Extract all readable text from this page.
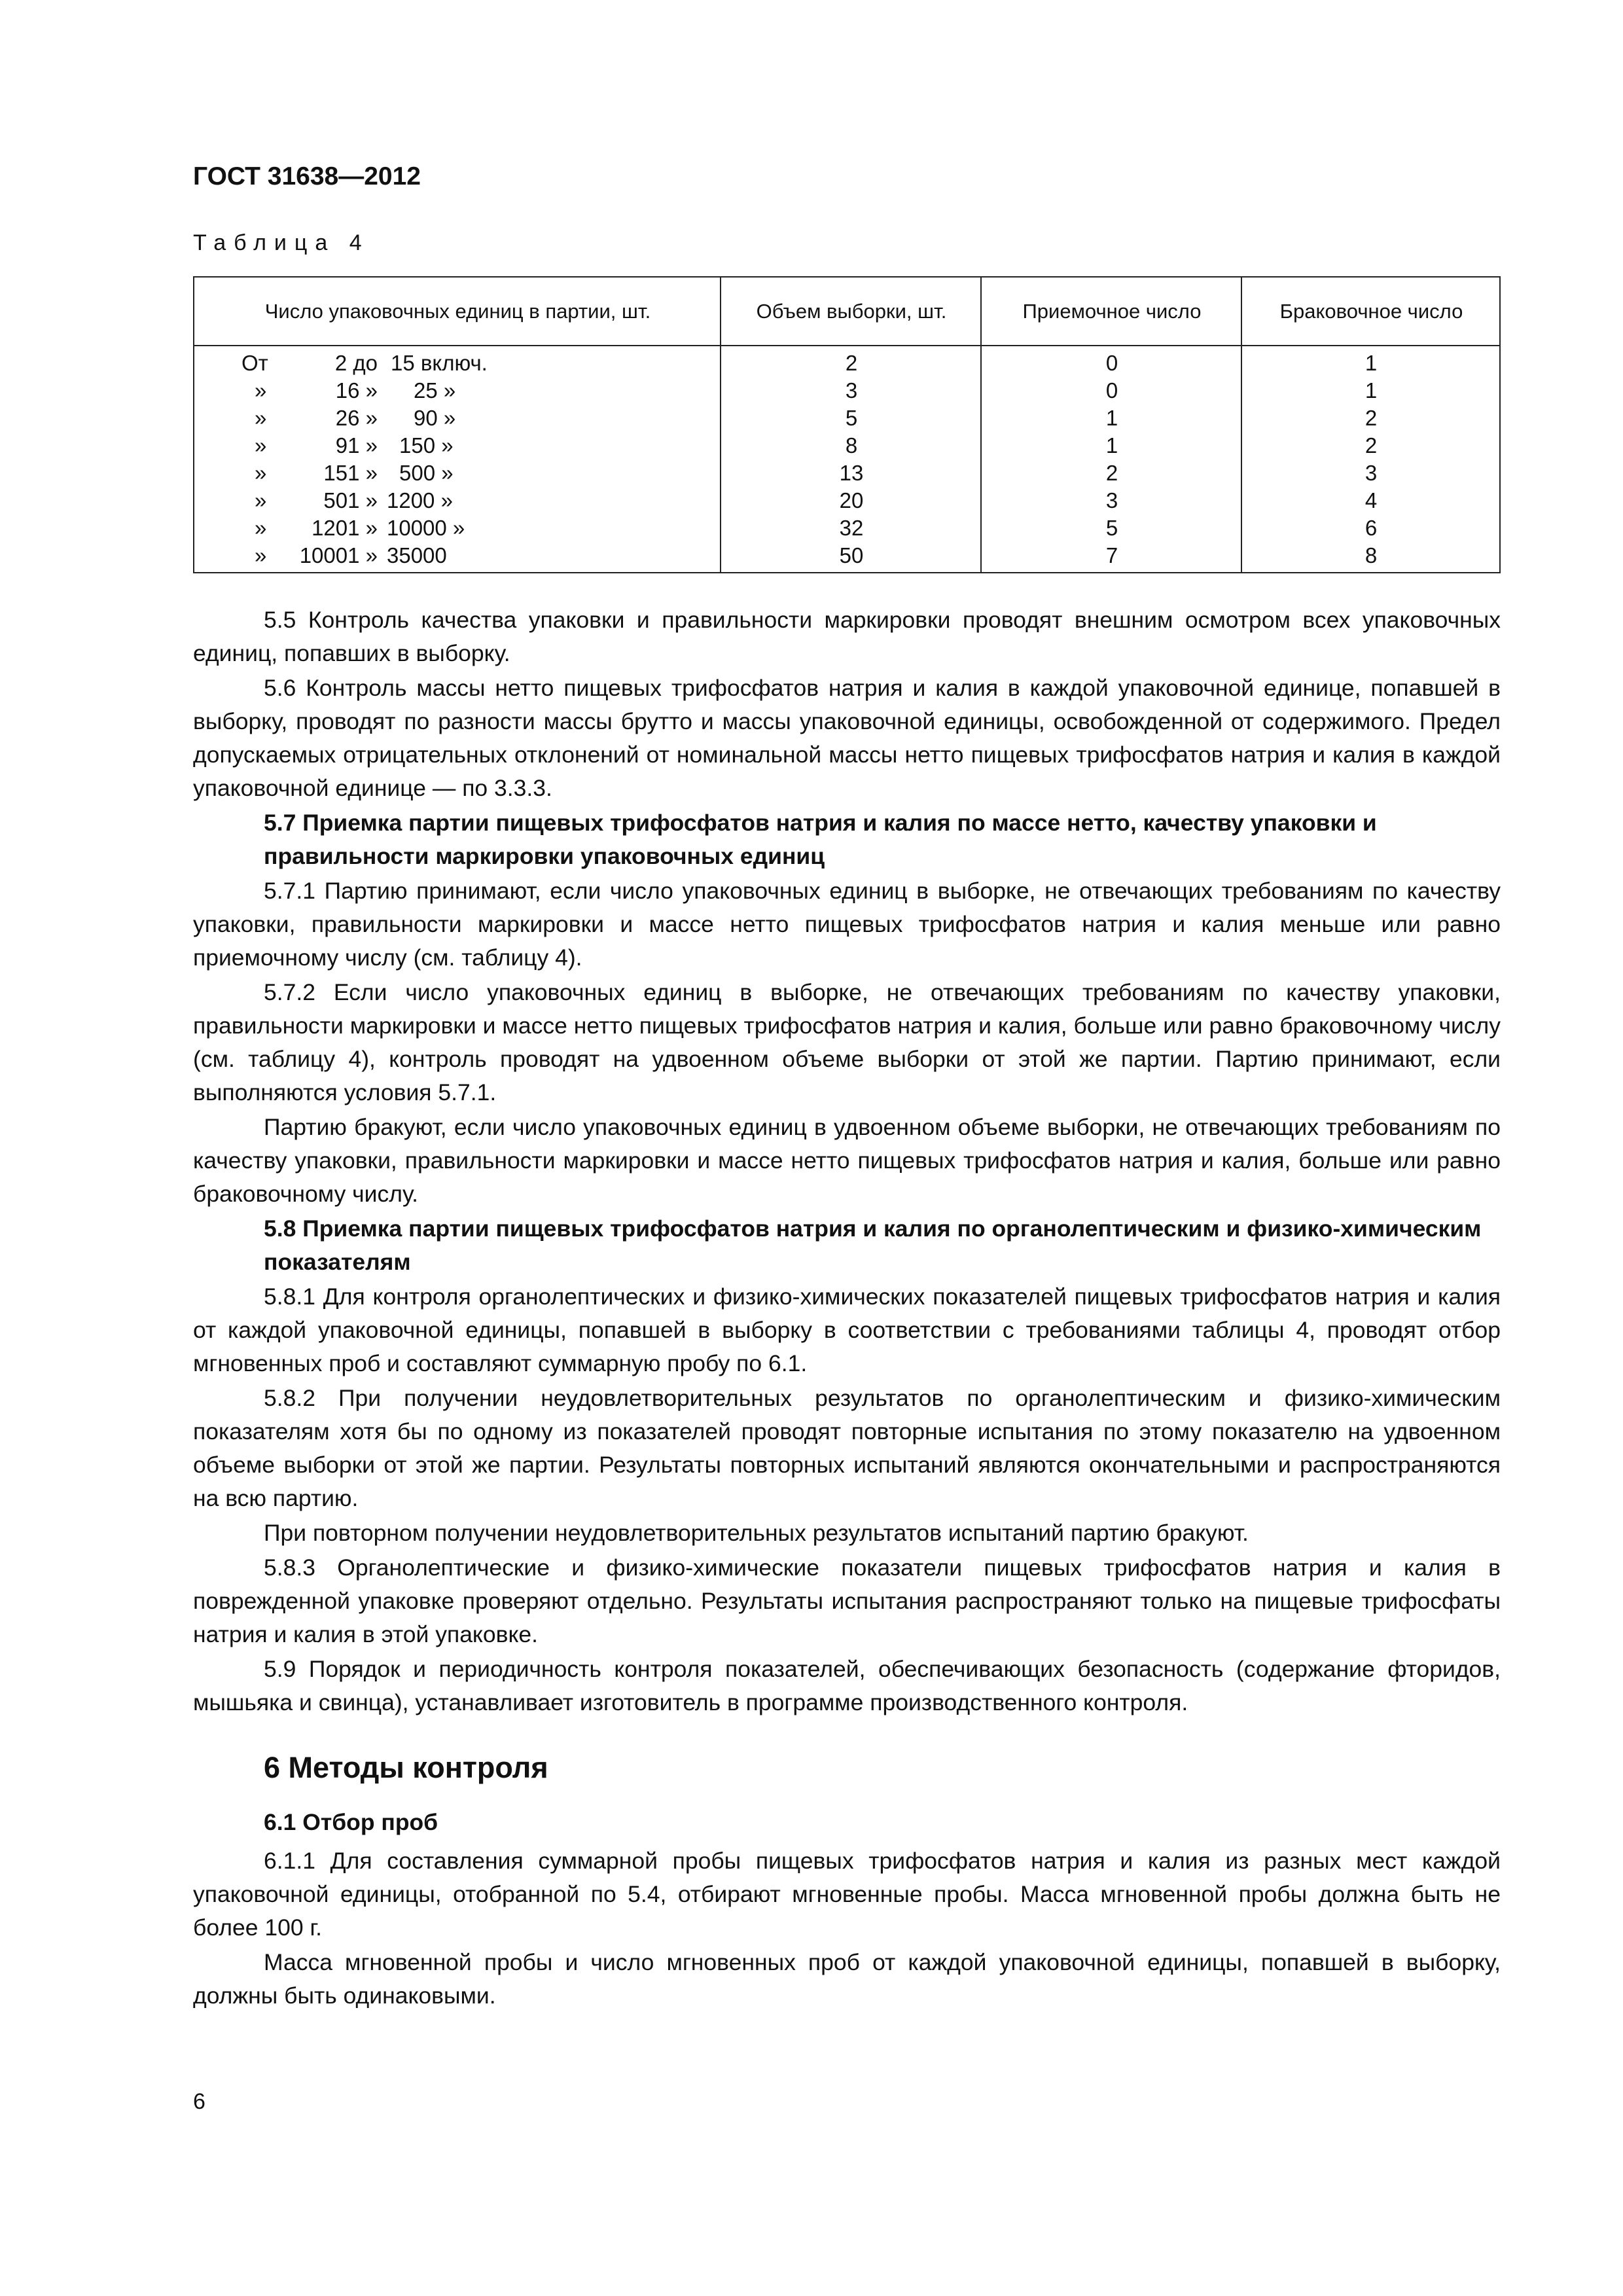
ГОСТ 31638—2012
Таблица 4
Число упаковочных единиц в партии, шт.	Объем выборки, шт.	Приемочное число	Браковочное число
От	2 до 15 включ.	2	0	1
»	16 » 25 »	3	0	1
»	26 » 90 »	5	1	2
»	91 » 150 »	8	1	2
»	151 » 500 »	13	2	3
»	501 » 1200 »	20	3	4
»	1201 » 10000 »	32	5	6
»	10001 » 35000	50	7	8

5.5 Контроль качества упаковки и правильности маркировки проводят внешним осмотром всех упаковочных единиц, попавших в выборку.

5.6 Контроль массы нетто пищевых трифосфатов натрия и калия в каждой упаковочной единице, попавшей в выборку, проводят по разности массы брутто и массы упаковочной единицы, освобожденной от содержимого. Предел допускаемых отрицательных отклонений от номинальной массы нетто пищевых трифосфатов натрия и калия в каждой упаковочной единице — по 3.3.3.

5.7 Приемка партии пищевых трифосфатов натрия и калия по массе нетто, качеству упаковки и правильности маркировки упаковочных единиц

5.7.1 Партию принимают, если число упаковочных единиц в выборке, не отвечающих требованиям по качеству упаковки, правильности маркировки и массе нетто пищевых трифосфатов натрия и калия меньше или равно приемочному числу (см. таблицу 4).

5.7.2 Если число упаковочных единиц в выборке, не отвечающих требованиям по качеству упаковки, правильности маркировки и массе нетто пищевых трифосфатов натрия и калия, больше или равно браковочному числу (см. таблицу 4), контроль проводят на удвоенном объеме выборки от этой же партии. Партию принимают, если выполняются условия 5.7.1.

Партию бракуют, если число упаковочных единиц в удвоенном объеме выборки, не отвечающих требованиям по качеству упаковки, правильности маркировки и массе нетто пищевых трифосфатов натрия и калия, больше или равно браковочному числу.

5.8 Приемка партии пищевых трифосфатов натрия и калия по органолептическим и физико-химическим показателям

5.8.1 Для контроля органолептических и физико-химических показателей пищевых трифосфатов натрия и калия от каждой упаковочной единицы, попавшей в выборку в соответствии с требованиями таблицы 4, проводят отбор мгновенных проб и составляют суммарную пробу по 6.1.

5.8.2 При получении неудовлетворительных результатов по органолептическим и физико-химическим показателям хотя бы по одному из показателей проводят повторные испытания по этому показателю на удвоенном объеме выборки от этой же партии. Результаты повторных испытаний являются окончательными и распространяются на всю партию.

При повторном получении неудовлетворительных результатов испытаний партию бракуют.

5.8.3 Органолептические и физико-химические показатели пищевых трифосфатов натрия и калия в поврежденной упаковке проверяют отдельно. Результаты испытания распространяют только на пищевые трифосфаты натрия и калия в этой упаковке.

5.9 Порядок и периодичность контроля показателей, обеспечивающих безопасность (содержание фторидов, мышьяка и свинца), устанавливает изготовитель в программе производственного контроля.

6 Методы контроля
6.1 Отбор проб

6.1.1 Для составления суммарной пробы пищевых трифосфатов натрия и калия из разных мест каждой упаковочной единицы, отобранной по 5.4, отбирают мгновенные пробы. Масса мгновенной пробы должна быть не более 100 г.

Масса мгновенной пробы и число мгновенных проб от каждой упаковочной единицы, попавшей в выборку, должны быть одинаковыми.

6
